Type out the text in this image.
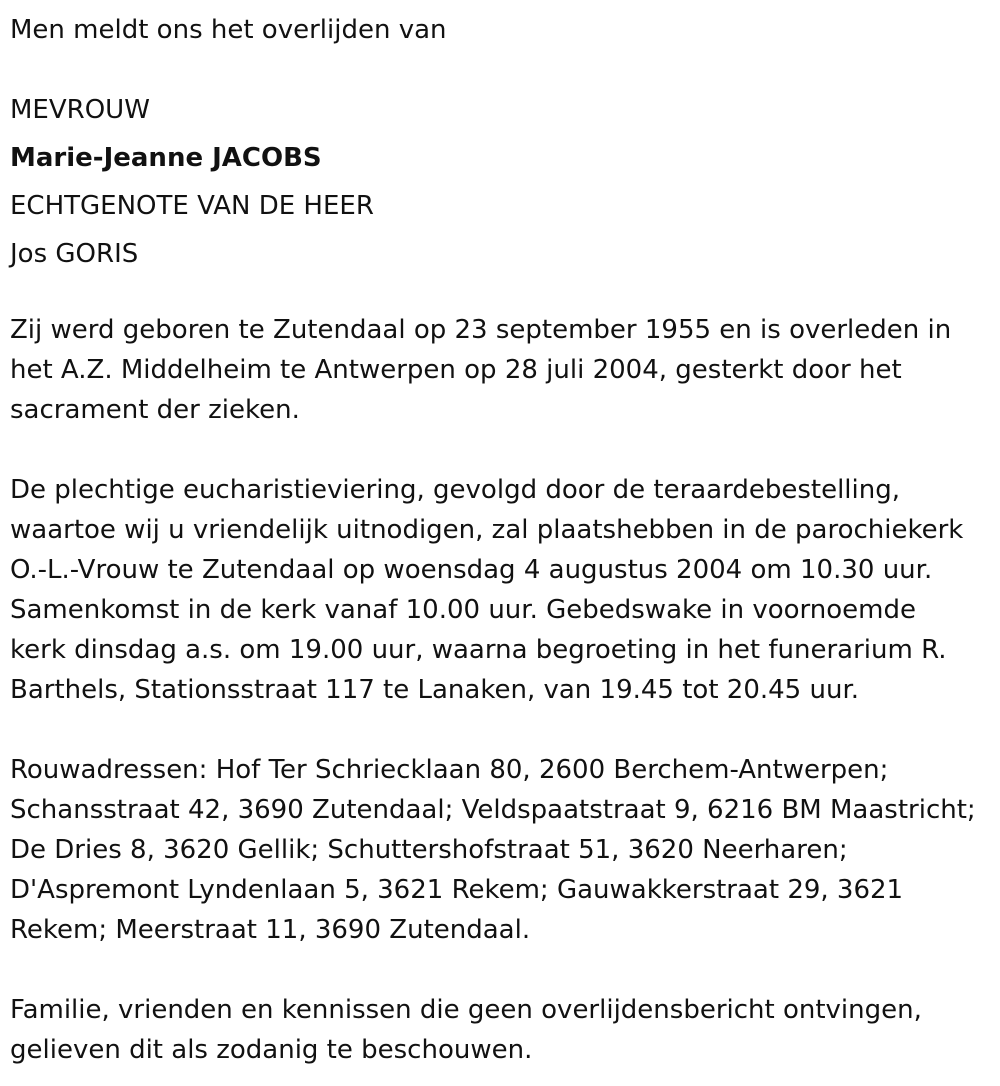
Men meldt ons het overlijden van

MEVROUW

Marie-Jeanne JACOBS

ECHTGENOTE VAN DE HEER

Jos GORIS

Zij werd geboren te Zutendaal op 23 september 1955 en is overleden in

het A.Z. Middelheim te Antwerpen op 28 juli 2004, gesterkt door het

sacrament der zieken.

De plechtige eucharistieviering, gevolgd door de teraardebestelling,

waartoe wij u vriendelijk uitnodigen, zal plaatshebben in de parochiekerk

O.-L.-Vrouw te Zutendaal op woensdag 4 augustus 2004 om 10.30 uur.

Samenkomst in de kerk vanaf 10.00 uur. Gebedswake in voornoemde

kerk dinsdag a.s. om 19.00 uur, waarna begroeting in het funerarium R.

Barthels, Stationsstraat 117 te Lanaken, van 19.45 tot 20.45 uur.

Rouwadressen: Hof Ter Schriecklaan 80, 2600 Berchem-Antwerpen;

Schansstraat 42, 3690 Zutendaal; Veldspaatstraat 9, 6216 BM Maastricht;

De Dries 8, 3620 Gellik; Schuttershofstraat 51, 3620 Neerharen;

D'Aspremont Lyndenlaan 5, 3621 Rekem; Gauwakkerstraat 29, 3621

Rekem; Meerstraat 11, 3690 Zutendaal.

Familie, vrienden en kennissen die geen overlijdensbericht ontvingen,

gelieven dit als zodanig te beschouwen.
